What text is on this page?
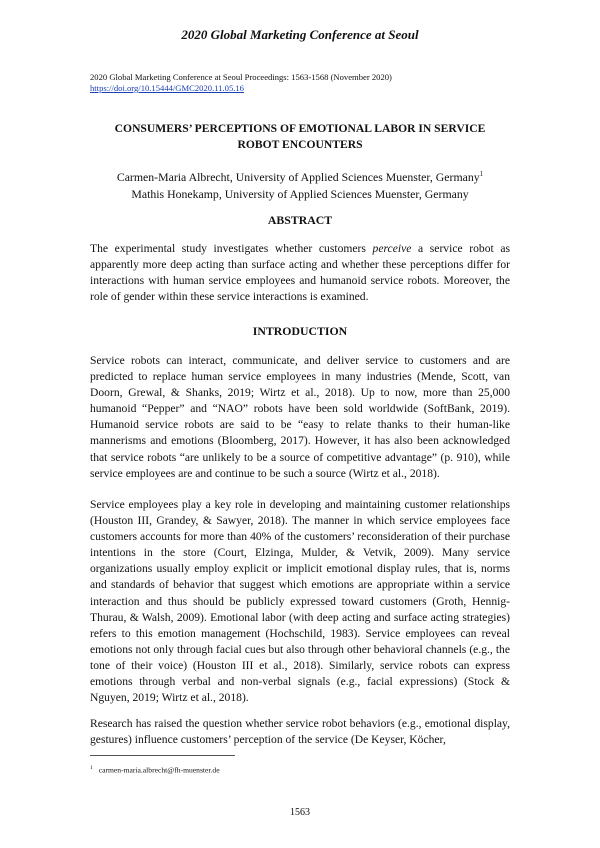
2020 Global Marketing Conference at Seoul
2020 Global Marketing Conference at Seoul Proceedings: 1563-1568 (November 2020)
https://doi.org/10.15444/GMC2020.11.05.16
CONSUMERS’ PERCEPTIONS OF EMOTIONAL LABOR IN SERVICE
ROBOT ENCOUNTERS
Carmen-Maria Albrecht, University of Applied Sciences Muenster, Germany$^1$
Mathis Honekamp, University of Applied Sciences Muenster, Germany
ABSTRACT

The experimental study investigates whether customers perceive a service robot as apparently more deep acting than surface acting and whether these perceptions differ for interactions with human service employees and humanoid service robots. Moreover, the role of gender within these service interactions is examined.

INTRODUCTION

Service robots can interact, communicate, and deliver service to customers and are predicted to replace human service employees in many industries (Mende, Scott, van Doorn, Grewal, & Shanks, 2019; Wirtz et al., 2018). Up to now, more than 25,000 humanoid “Pepper” and “NAO” robots have been sold worldwide (SoftBank, 2019). Humanoid service robots are said to be “easy to relate thanks to their human-like mannerisms and emotions (Bloomberg, 2017). However, it has also been acknowledged that service robots “are unlikely to be a source of competitive advantage” (p. 910), while service employees are and continue to be such a source (Wirtz et al., 2018).

Service employees play a key role in developing and maintaining customer relationships (Houston III, Grandey, & Sawyer, 2018). The manner in which service employees face customers accounts for more than 40% of the customers’ reconsideration of their purchase intentions in the store (Court, Elzinga, Mulder, & Vetvik, 2009). Many service organizations usually employ explicit or implicit emotional display rules, that is, norms and standards of behavior that suggest which emotions are appropriate within a service interaction and thus should be publicly expressed toward customers (Groth, Hennig-Thurau, & Walsh, 2009). Emotional labor (with deep acting and surface acting strategies) refers to this emotion management (Hochschild, 1983). Service employees can reveal emotions not only through facial cues but also through other behavioral channels (e.g., the tone of their voice) (Houston III et al., 2018). Similarly, service robots can express emotions through verbal and non-verbal signals (e.g., facial expressions) (Stock & Nguyen, 2019; Wirtz et al., 2018).

Research has raised the question whether service robot behaviors (e.g., emotional display, gestures) influence customers’ perception of the service (De Keyser, Köcher,

$^1$ carmen-maria.albrecht@fh-muenster.de
1563
